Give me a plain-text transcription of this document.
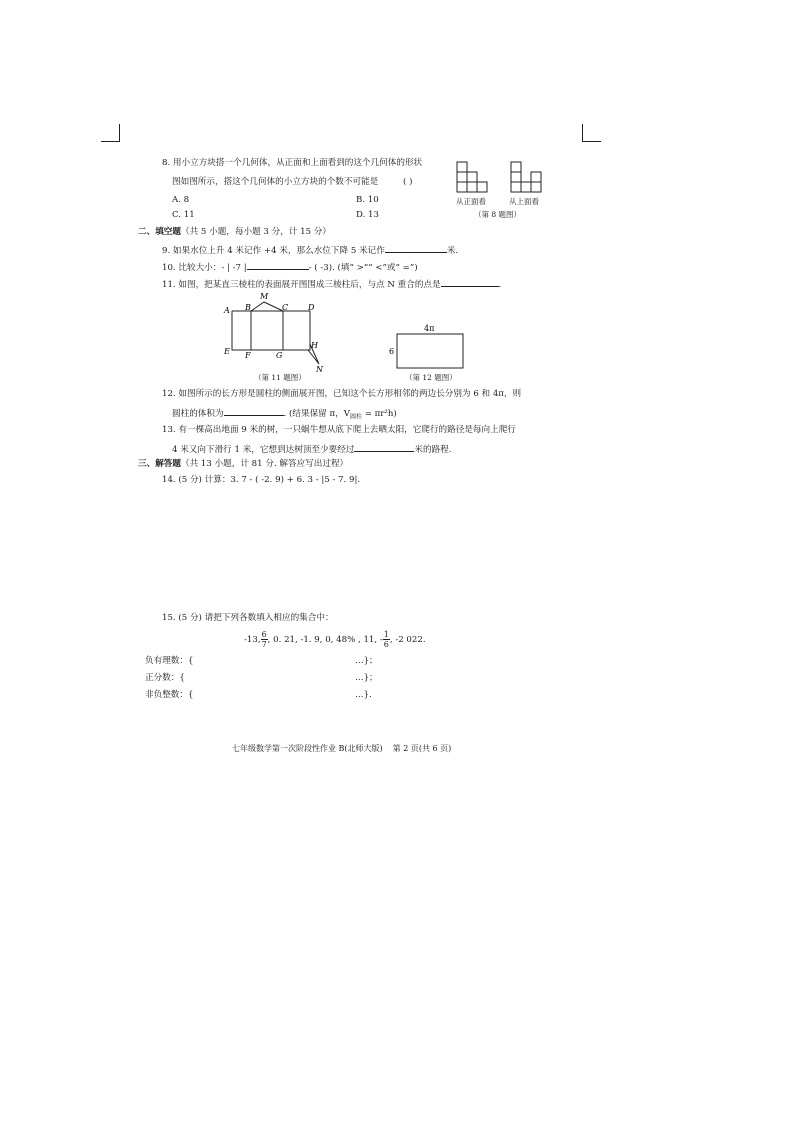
8. 用小立方块搭一个几何体，从正面和上面看到的这个几何体的形状
图如图所示，搭这个几何体的小立方块的个数不可能是	( )
A. 8	B. 10
C. 11	D. 13
从正面看	从上面看
（第 8 题图）
二、填空题（共 5 小题，每小题 3 分，计 15 分）
9. 如果水位上升 4 米记作 +4 米，那么水位下降 5 米记作	米.
10. 比较大小：- | -7 |	- ( -3). (填“ >”“ <”或“ =”)
11. 如图，把某直三棱柱的表面展开图围成三棱柱后，与点 N 重合的点是	.
A B
M
C D
E F	G
H
N
（第 11 题图）
4π
6
（第 12 题图）
12. 如图所示的长方形是圆柱的侧面展开图，已知这个长方形相邻的两边长分别为 6 和 4π，则
圆柱的体积为	. (结果保留 π，$V_{圆柱} = \pi r^2h$)
13. 有一棵高出地面 9 米的树，一只蜗牛想从底下爬上去晒太阳，它爬行的路径是每向上爬行
4 米又向下滑行 1 米，它想到达树顶至少要经过	米的路程.
三、解答题（共 13 小题，计 81 分. 解答应写出过程）
14. (5 分) 计算：3. 7 - ( -2. 9) + 6. 3 - |5 - 7. 9|.
15. (5 分) 请把下列各数填入相应的集合中：
-13, $\frac{6}{7}$ , 0. 21, -1. 9, 0, 48% , 11, - $\frac{1}{6}$ , -2 022.
负有理数：{	…}；
正分数：{	…}；
非负整数：{	…}.
七年级数学第一次阶段性作业 B(北师大版) 第 2 页(共 6 页)
